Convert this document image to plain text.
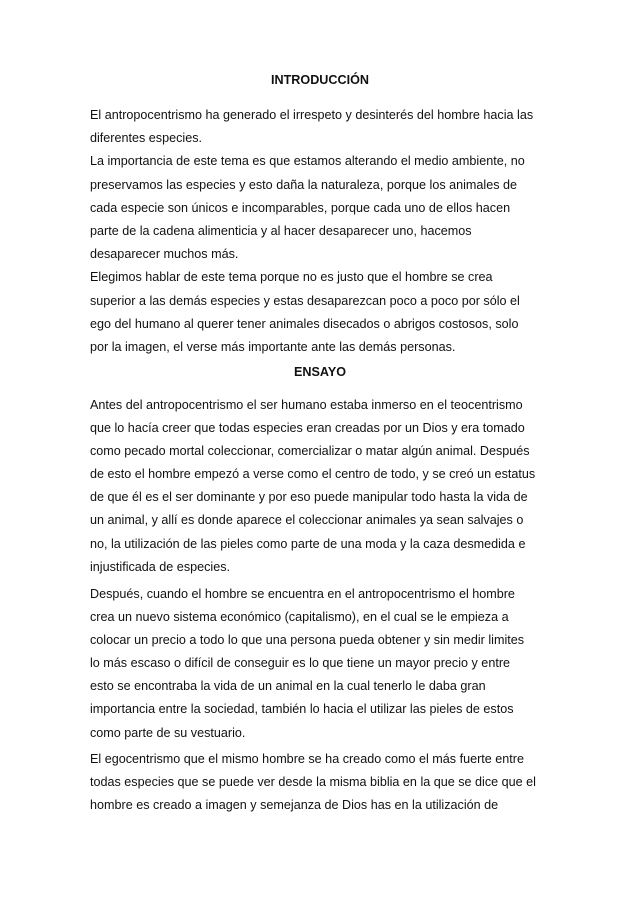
INTRODUCCIÓN
El antropocentrismo ha generado el irrespeto y desinterés del hombre hacia las
diferentes especies.
La importancia de este tema es que estamos alterando el medio ambiente, no
preservamos las especies y esto daña la naturaleza, porque los animales de
cada especie son únicos e incomparables, porque cada uno de ellos hacen
parte de la cadena alimenticia y al hacer desaparecer uno, hacemos
desaparecer muchos más.
Elegimos hablar de este tema porque no es justo que el hombre se crea
superior a las demás especies y estas desaparezcan poco a poco por sólo el
ego del humano al querer tener animales disecados o abrigos costosos, solo
por la imagen, el verse más importante ante las demás personas.
ENSAYO
Antes del antropocentrismo el ser humano estaba inmerso en el teocentrismo
que lo hacía creer que todas especies eran creadas por un Dios y era tomado
como pecado mortal coleccionar, comercializar o matar algún animal. Después
de esto el hombre empezó a verse como el centro de todo, y se creó un estatus
de que él es el ser dominante y por eso puede manipular todo hasta la vida de
un animal, y allí es donde aparece el coleccionar animales ya sean salvajes o
no, la utilización de las pieles como parte de una moda y la caza desmedida e
injustificada de especies.
Después, cuando el hombre se encuentra en el antropocentrismo el hombre
crea un nuevo sistema económico (capitalismo), en el cual se le empieza a
colocar un precio a todo lo que una persona pueda obtener y sin medir limites
lo más escaso o difícil de conseguir es lo que tiene un mayor precio y entre
esto se encontraba la vida de un animal en la cual tenerlo le daba gran
importancia entre la sociedad, también lo hacia el utilizar las pieles de estos
como parte de su vestuario.
El egocentrismo que el mismo hombre se ha creado como el más fuerte entre
todas especies que se puede ver desde la misma biblia en la que se dice que el
hombre es creado a imagen y semejanza de Dios has en la utilización de
